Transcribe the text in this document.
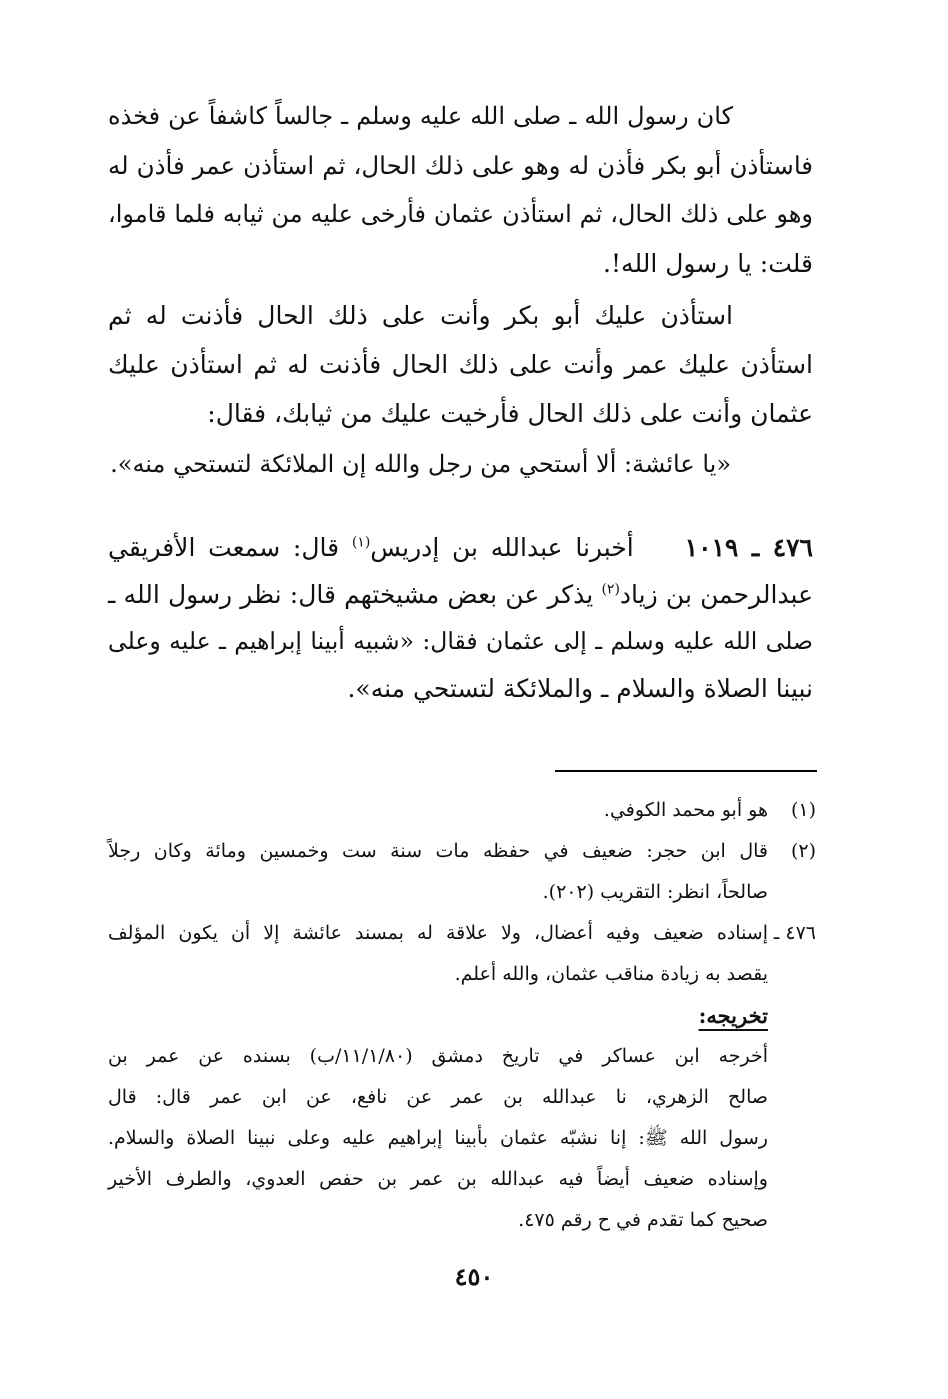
كان رسول الله ـ صلى الله عليه وسلم ـ جالساً كاشفاً عن فخذه
فاستأذن أبو بكر فأذن له وهو على ذلك الحال، ثم استأذن عمر فأذن له
وهو على ذلك الحال، ثم استأذن عثمان فأرخى عليه من ثيابه فلما قاموا،
قلت: يا رسول الله!.
استأذن عليك أبو بكر وأنت على ذلك الحال فأذنت له ثم
استأذن عليك عمر وأنت على ذلك الحال فأذنت له ثم استأذن عليك
عثمان وأنت على ذلك الحال فأرخيت عليك من ثيابك، فقال:
«يا عائشة: ألا أستحي من رجل والله إن الملائكة لتستحي منه».
٤٧٦ ـ ١٠١٩    أخبرنا عبدالله بن إدريس$^{(١)}$ قال: سمعت الأفريقي
عبدالرحمن بن زياد$^{(٢)}$ يذكر عن بعض مشيختهم قال: نظر رسول الله ـ
صلى الله عليه وسلم ـ إلى عثمان فقال: «شبيه أبينا إبراهيم ـ عليه وعلى
نبينا الصلاة والسلام ـ والملائكة لتستحي منه».
(١)
هو أبو محمد الكوفي.
(٢)
قال ابن حجر: ضعيف في حفظه مات سنة ست وخمسين ومائة وكان رجلاً
صالحاً، انظر: التقريب (٢٠٢).
٤٧٦ ـ
إسناده ضعيف وفيه أعضال، ولا علاقة له بمسند عائشة إلا أن يكون المؤلف
يقصد به زيادة مناقب عثمان، والله أعلم.
تخريجه:
أخرجه ابن عساكر في تاريخ دمشق (١١/١/٨٠/ب) بسنده عن عمر بن
صالح الزهري، نا عبدالله بن عمر عن نافع، عن ابن عمر قال: قال
رسول الله ﷺ: إنا نشبّه عثمان بأبينا إبراهيم عليه وعلى نبينا الصلاة والسلام.
وإسناده ضعيف أيضاً فيه عبدالله بن عمر بن حفص العدوي، والطرف الأخير
صحيح كما تقدم في ح رقم ٤٧٥.
٤٥٠
